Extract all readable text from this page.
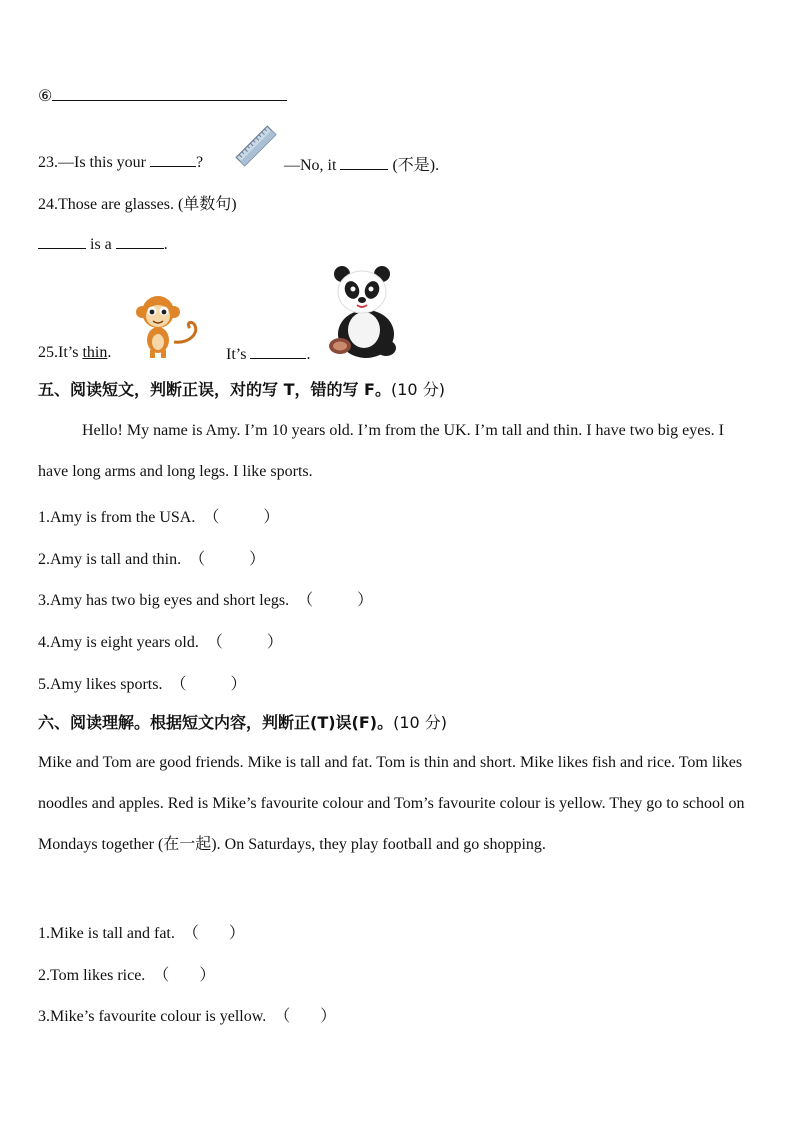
⑥
23.—Is this your	?	—No, it	(不是).
24.Those are glasses. (单数句)
is a	.
25.It’s thin.	It’s	.
五、阅读短文，判断正误，对的写 T，错的写 F。(10 分)
Hello! My name is Amy. I’m 10 years old. I’m from the UK. I’m tall and thin. I have two big eyes. I have long arms and long legs. I like sports.
1.Amy is from the USA. （	）
2.Amy is tall and thin. （	）
3.Amy has two big eyes and short legs. （	）
4.Amy is eight years old. （	）
5.Amy likes sports. （	）
六、阅读理解。根据短文内容，判断正(T)误(F)。(10 分)
Mike and Tom are good friends. Mike is tall and fat. Tom is thin and short. Mike likes fish and rice. Tom likes noodles and apples. Red is Mike’s favourite colour and Tom’s favourite colour is yellow. They go to school on Mondays together (在一起). On Saturdays, they play football and go shopping.
1.Mike is tall and fat. （ ）
2.Tom likes rice. （ ）
3.Mike’s favourite colour is yellow. （ ）
